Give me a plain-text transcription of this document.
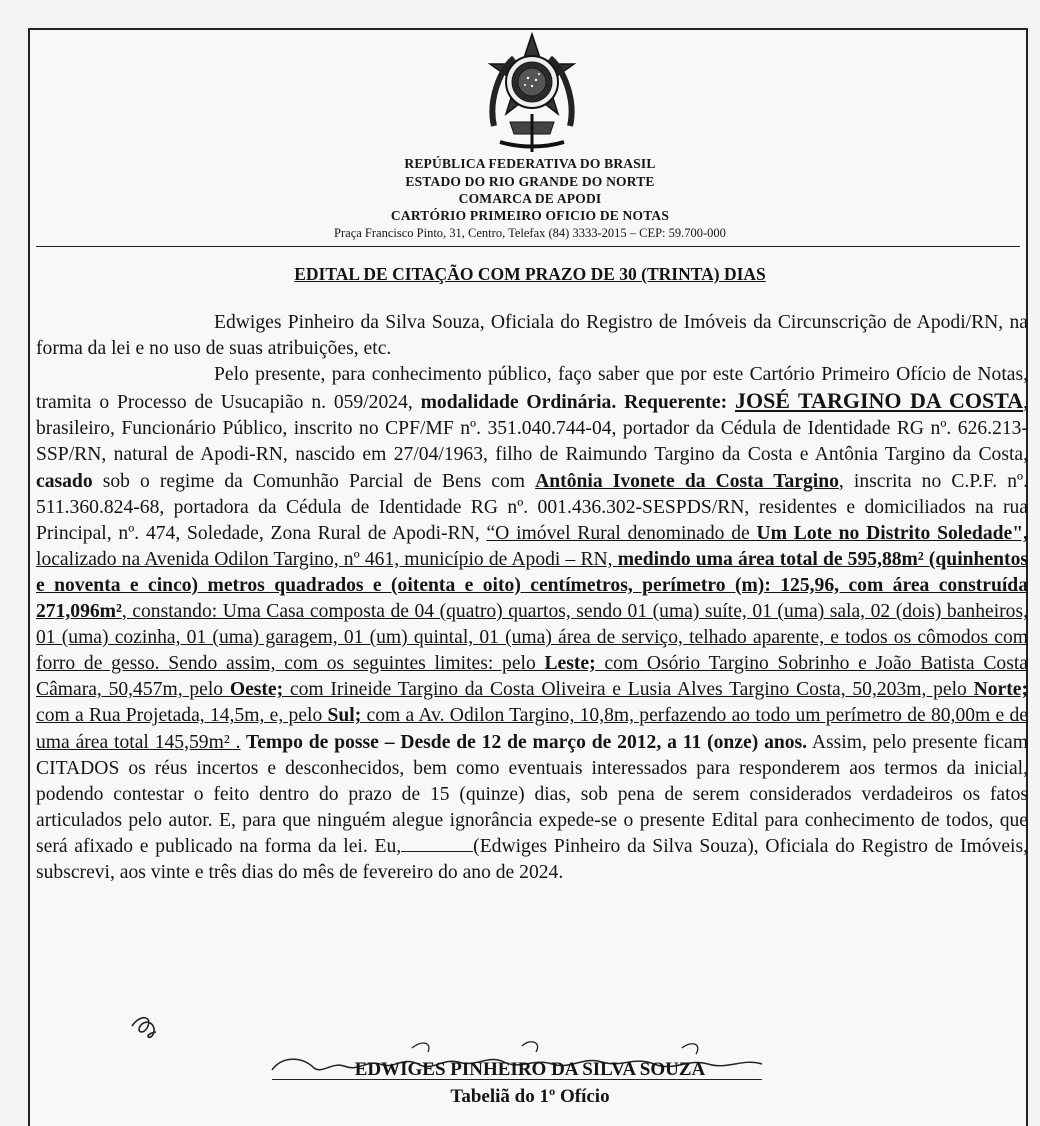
REPÚBLICA FEDERATIVA DO BRASIL
ESTADO DO RIO GRANDE DO NORTE
COMARCA DE APODI
CARTÓRIO PRIMEIRO OFICIO DE NOTAS
Praça Francisco Pinto, 31, Centro, Telefax (84) 3333-2015 – CEP: 59.700-000
EDITAL DE CITAÇÃO COM PRAZO DE 30 (TRINTA) DIAS

Edwiges Pinheiro da Silva Souza, Oficiala do Registro de Imóveis da Circunscrição de Apodi/RN, na forma da lei e no uso de suas atribuições, etc.

Pelo presente, para conhecimento público, faço saber que por este Cartório Primeiro Ofício de Notas, tramita o Processo de Usucapião n. 059/2024, modalidade Ordinária. Requerente: JOSÉ TARGINO DA COSTA, brasileiro, Funcionário Público, inscrito no CPF/MF nº. 351.040.744-04, portador da Cédula de Identidade RG nº. 626.213-SSP/RN, natural de Apodi-RN, nascido em 27/04/1963, filho de Raimundo Targino da Costa e Antônia Targino da Costa, casado sob o regime da Comunhão Parcial de Bens com Antônia Ivonete da Costa Targino, inscrita no C.P.F. nº. 511.360.824-68, portadora da Cédula de Identidade RG nº. 001.436.302-SESPDS/RN, residentes e domiciliados na rua Principal, nº. 474, Soledade, Zona Rural de Apodi-RN, “O imóvel Rural denominado de Um Lote no Distrito Soledade", localizado na Avenida Odilon Targino, nº 461, município de Apodi – RN, medindo uma área total de 595,88m² (quinhentos e noventa e cinco) metros quadrados e (oitenta e oito) centímetros, perímetro (m): 125,96, com área construída 271,096m², constando: Uma Casa composta de 04 (quatro) quartos, sendo 01 (uma) suíte, 01 (uma) sala, 02 (dois) banheiros, 01 (uma) cozinha, 01 (uma) garagem, 01 (um) quintal, 01 (uma) área de serviço, telhado aparente, e todos os cômodos com forro de gesso. Sendo assim, com os seguintes limites: pelo Leste; com Osório Targino Sobrinho e João Batista Costa Câmara, 50,457m, pelo Oeste; com Irineide Targino da Costa Oliveira e Lusia Alves Targino Costa, 50,203m, pelo Norte; com a Rua Projetada, 14,5m, e, pelo Sul; com a Av. Odilon Targino, 10,8m, perfazendo ao todo um perímetro de 80,00m e de uma área total 145,59m² . Tempo de posse – Desde de 12 de março de 2012, a 11 (onze) anos. Assim, pelo presente ficam CITADOS os réus incertos e desconhecidos, bem como eventuais interessados para responderem aos termos da inicial, podendo contestar o feito dentro do prazo de 15 (quinze) dias, sob pena de serem considerados verdadeiros os fatos articulados pelo autor. E, para que ninguém alegue ignorância expede-se o presente Edital para conhecimento de todos, que será afixado e publicado na forma da lei. Eu,	(Edwiges Pinheiro da Silva Souza), Oficiala do Registro de Imóveis, subscrevi, aos vinte e três dias do mês de fevereiro do ano de 2024.

EDWIGES PINHEIRO DA SILVA SOUZA
Tabeliã do 1º Ofício
